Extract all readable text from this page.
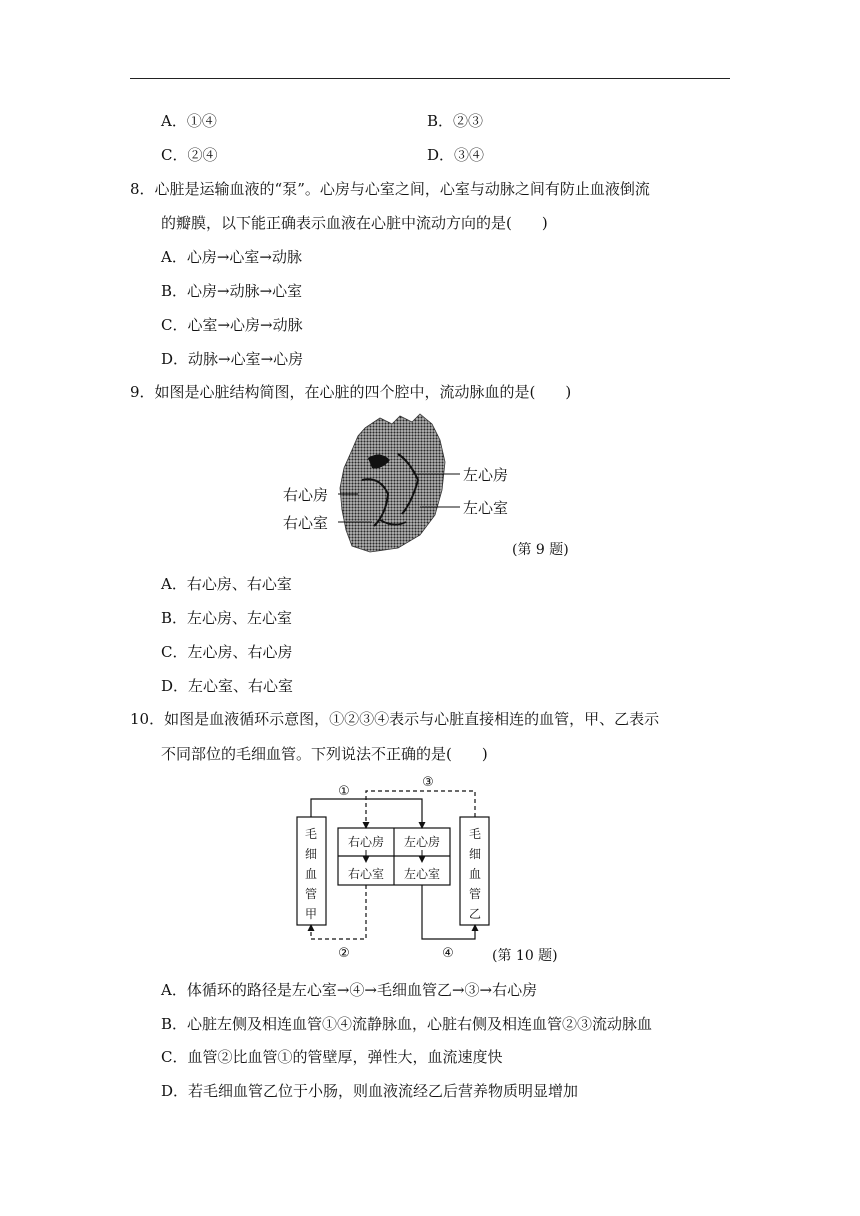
A．①④	B．②③
C．②④	D．③④
8．心脏是运输血液的“泵”。心房与心室之间，心室与动脉之间有防止血液倒流
的瓣膜，以下能正确表示血液在心脏中流动方向的是(　　)
A．心房→心室→动脉
B．心房→动脉→心室
C．心室→心房→动脉
D．动脉→心室→心房
9．如图是心脏结构简图，在心脏的四个腔中，流动脉血的是(　　)
左心房
右心房
左心室
右心室
(第 9 题)
A．右心房、右心室
B．左心房、左心室
C．左心房、右心房
D．左心室、右心室
10．如图是血液循环示意图，①②③④表示与心脏直接相连的血管，甲、乙表示
不同部位的毛细血管。下列说法不正确的是(　　)
毛
细
血
管
甲
毛
细
血
管
乙
右心房 左心房
右心室 左心室
①
③
②	④	(第 10 题)
A．体循环的路径是左心室→④→毛细血管乙→③→右心房
B．心脏左侧及相连血管①④流静脉血，心脏右侧及相连血管②③流动脉血
C．血管②比血管①的管壁厚，弹性大，血流速度快
D．若毛细血管乙位于小肠，则血液流经乙后营养物质明显增加
